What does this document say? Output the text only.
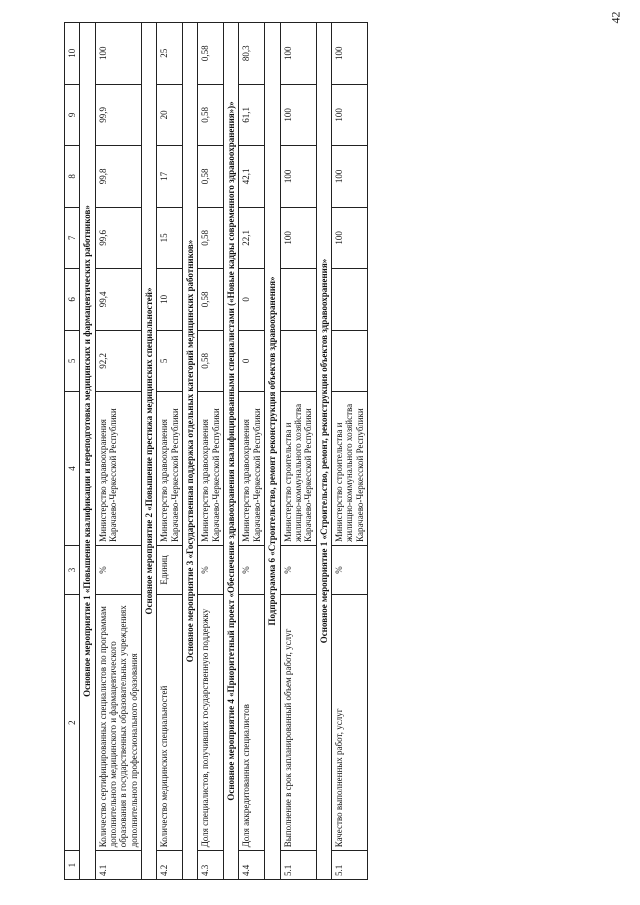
42
1	2	3	4	5	6	7	8	9	10
Основное мероприятие 1 «Повышение квалификации и переподготовка медицинских и фармацевтических работников»									
4.1	Количество сертифицированных специалистов по программам дополнительного медицинского и фармацевтического образования в государственных образовательных учреждениях дополнительного профессионального образования	%	Министерство здравоохранения Карачаево-Черкесской Республики	92,2	99,4	99,6	99,8	99,9	100
Основное мероприятие 2 «Повышение престижа медицинских специальностей»									
4.2	Количество медицинских специальностей	Единиц	Министерство здравоохранения Карачаево-Черкесской Республики	5	10	15	17	20	25
Основное мероприятие 3 «Государственная поддержка отдельных категорий медицинских работников»									
4.3	Доля специалистов, получивших государственную поддержку	%	Министерство здравоохранения Карачаево-Черкесской Республики	0,58	0,58	0,58	0,58	0,58	0,58
Основное мероприятие 4 «Приоритетный проект «Обеспечение здравоохранения квалифицированными специалистами («Новые кадры современного здравоохранения»)»									
4.4	Доля аккредитованных специалистов	%	Министерство здравоохранения Карачаево-Черкесской Республики	0	0	22,1	42,1	61,1	80,3
Подпрограмма 6 «Строительство, ремонт реконструкция объектов здравоохранения»									
5.1	Выполнение в срок запланированный объем работ, услуг	%	Министерство строительства и жилищно-коммунального хозяйства Карачаево-Черкесской Республики			100	100	100	100
Основное мероприятие 1 «Строительство, ремонт, реконструкция объектов здравоохранения»									
5.1	Качество выполненных работ, услуг	%	Министерство строительства и жилищно-коммунального хозяйства Карачаево-Черкесской Республики			100	100	100	100
